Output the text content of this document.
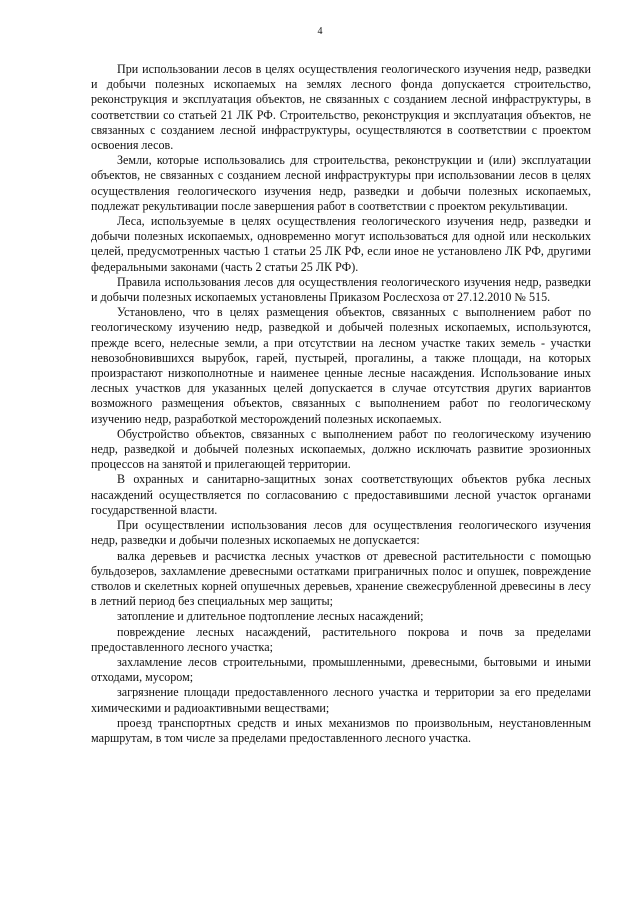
4

При использовании лесов в целях осуществления геологического изучения недр, разведки и добычи полезных ископаемых на землях лесного фонда допускается строительство, реконструкция и эксплуатация объектов, не связанных с созданием лесной инфраструктуры, в соответствии со статьей 21 ЛК РФ. Строительство, реконструкция и эксплуатация объектов, не связанных с созданием лесной инфраструктуры, осуществляются в соответствии с проектом освоения лесов.

Земли, которые использовались для строительства, реконструкции и (или) эксплуатации объектов, не связанных с созданием лесной инфраструктуры при использовании лесов в целях осуществления геологического изучения недр, разведки и добычи полезных ископаемых, подлежат рекультивации после завершения работ в соответствии с проектом рекультивации.

Леса, используемые в целях осуществления геологического изучения недр, разведки и добычи полезных ископаемых, одновременно могут использоваться для одной или нескольких целей, предусмотренных частью 1 статьи 25 ЛК РФ, если иное не установлено ЛК РФ, другими федеральными законами (часть 2 статьи 25 ЛК РФ).

Правила использования лесов для осуществления геологического изучения недр, разведки и добычи полезных ископаемых установлены Приказом Рослесхоза от 27.12.2010 № 515.

Установлено, что в целях размещения объектов, связанных с выполнением работ по геологическому изучению недр, разведкой и добычей полезных ископаемых, используются, прежде всего, нелесные земли, а при отсутствии на лесном участке таких земель - участки невозобновившихся вырубок, гарей, пустырей, прогалины, а также площади, на которых произрастают низкополнотные и наименее ценные лесные насаждения. Использование иных лесных участков для указанных целей допускается в случае отсутствия других вариантов возможного размещения объектов, связанных с выполнением работ по геологическому изучению недр, разработкой месторождений полезных ископаемых.

Обустройство объектов, связанных с выполнением работ по геологическому изучению недр, разведкой и добычей полезных ископаемых, должно исключать развитие эрозионных процессов на занятой и прилегающей территории.

В охранных и санитарно-защитных зонах соответствующих объектов рубка лесных насаждений осуществляется по согласованию с предоставившими лесной участок органами государственной власти.

При осуществлении использования лесов для осуществления геологического изучения недр, разведки и добычи полезных ископаемых не допускается:

валка деревьев и расчистка лесных участков от древесной растительности с помощью бульдозеров, захламление древесными остатками приграничных полос и опушек, повреждение стволов и скелетных корней опушечных деревьев, хранение свежесрубленной древесины в лесу в летний период без специальных мер защиты;

затопление и длительное подтопление лесных насаждений;

повреждение лесных насаждений, растительного покрова и почв за пределами предоставленного лесного участка;

захламление лесов строительными, промышленными, древесными, бытовыми и иными отходами, мусором;

загрязнение площади предоставленного лесного участка и территории за его пределами химическими и радиоактивными веществами;

проезд транспортных средств и иных механизмов по произвольным, неустановленным маршрутам, в том числе за пределами предоставленного лесного участка.
